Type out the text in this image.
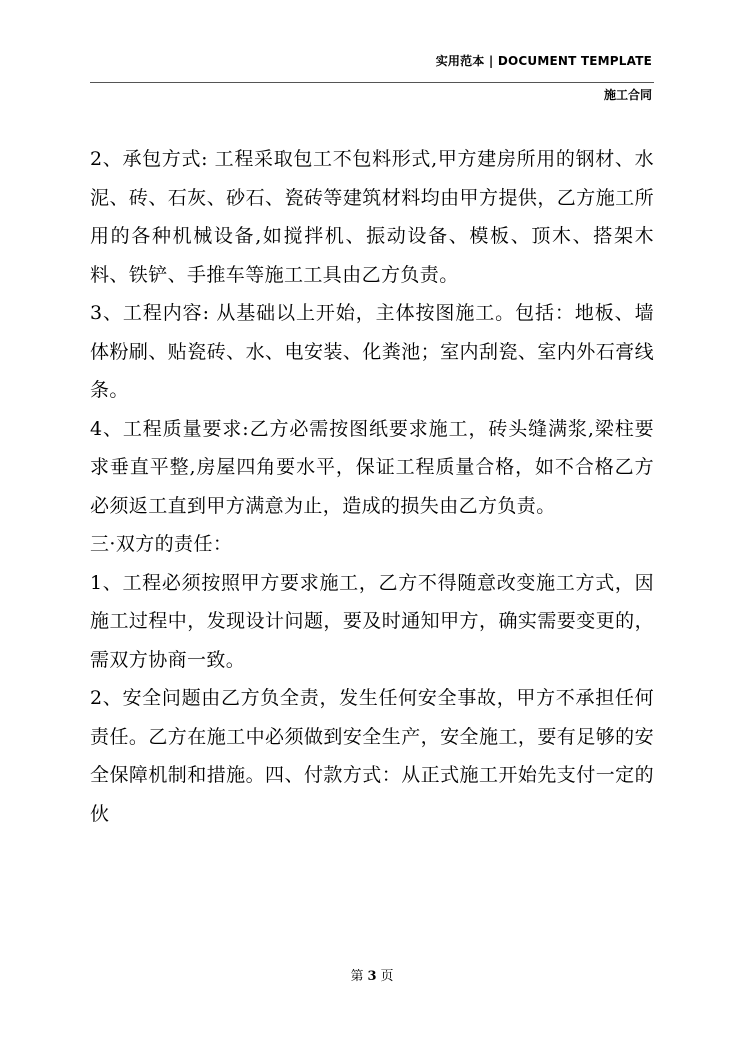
实用范本 | DOCUMENT TEMPLATE
施工合同

2、承包方式: 工程采取包工不包料形式,甲方建房所用的钢材、水泥、砖、石灰、砂石、瓷砖等建筑材料均由甲方提供，乙方施工所用的各种机械设备,如搅拌机、振动设备、模板、顶木、搭架木料、铁铲、手推车等施工工具由乙方负责。

3、工程内容: 从基础以上开始，主体按图施工。包括：地板、墙体粉刷、贴瓷砖、水、电安装、化粪池；室内刮瓷、室内外石膏线条。

4、工程质量要求:乙方必需按图纸要求施工，砖头缝满浆,梁柱要求垂直平整,房屋四角要水平，保证工程质量合格，如不合格乙方必须返工直到甲方满意为止，造成的损失由乙方负责。

三·双方的责任：

1、工程必须按照甲方要求施工，乙方不得随意改变施工方式，因施工过程中，发现设计问题，要及时通知甲方，确实需要变更的，需双方协商一致。

2、安全问题由乙方负全责，发生任何安全事故，甲方不承担任何责任。乙方在施工中必须做到安全生产，安全施工，要有足够的安全保障机制和措施。四、付款方式：从正式施工开始先支付一定的伙

第 3 页
